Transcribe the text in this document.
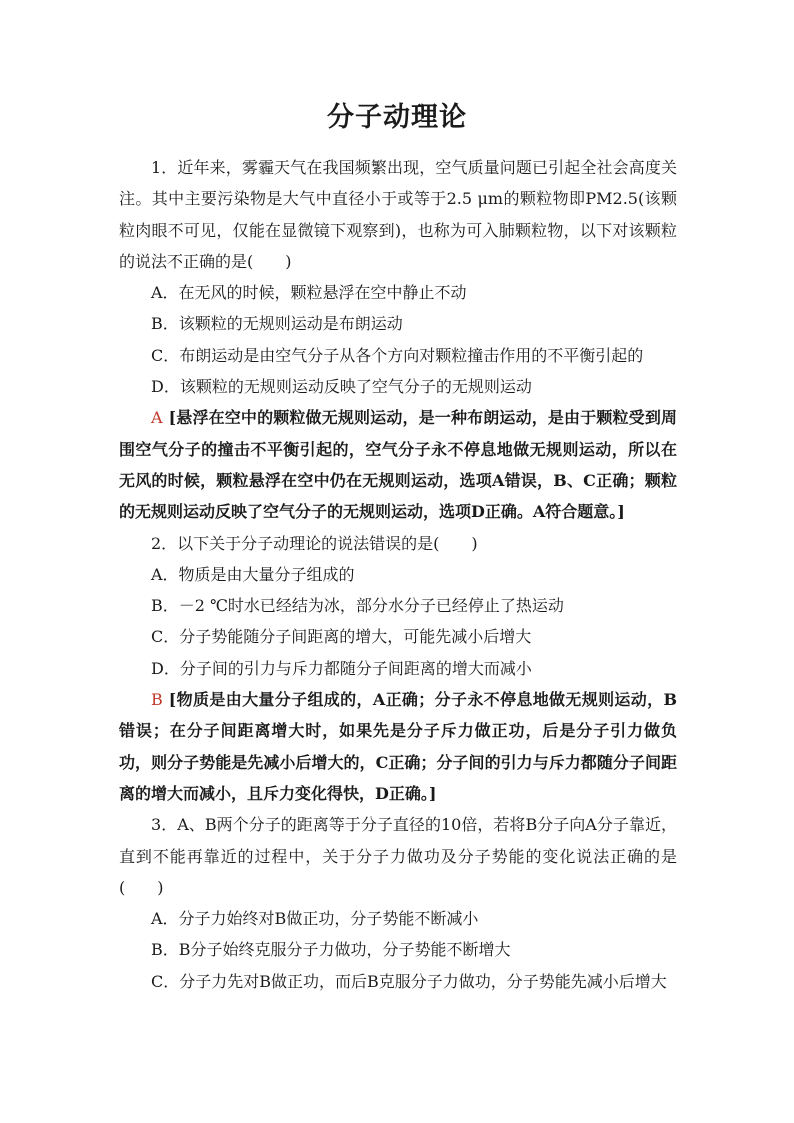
分子动理论

1．近年来，雾霾天气在我国频繁出现，空气质量问题已引起全社会高度关注。其中主要污染物是大气中直径小于或等于2.5 μm的颗粒物即PM2.5(该颗粒肉眼不可见，仅能在显微镜下观察到)，也称为可入肺颗粒物，以下对该颗粒的说法不正确的是(　　)

A．在无风的时候，颗粒悬浮在空中静止不动

B．该颗粒的无规则运动是布朗运动

C．布朗运动是由空气分子从各个方向对颗粒撞击作用的不平衡引起的

D．该颗粒的无规则运动反映了空气分子的无规则运动

A [悬浮在空中的颗粒做无规则运动，是一种布朗运动，是由于颗粒受到周围空气分子的撞击不平衡引起的，空气分子永不停息地做无规则运动，所以在无风的时候，颗粒悬浮在空中仍在无规则运动，选项A错误，B、C正确；颗粒的无规则运动反映了空气分子的无规则运动，选项D正确。A符合题意。]

2．以下关于分子动理论的说法错误的是(　　)

A．物质是由大量分子组成的

B．－2 ℃时水已经结为冰，部分水分子已经停止了热运动

C．分子势能随分子间距离的增大，可能先减小后增大

D．分子间的引力与斥力都随分子间距离的增大而减小

B [物质是由大量分子组成的，A正确；分子永不停息地做无规则运动，B错误；在分子间距离增大时，如果先是分子斥力做正功，后是分子引力做负功，则分子势能是先减小后增大的，C正确；分子间的引力与斥力都随分子间距离的增大而减小，且斥力变化得快，D正确。]

3．A、B两个分子的距离等于分子直径的10倍，若将B分子向A分子靠近，直到不能再靠近的过程中，关于分子力做功及分子势能的变化说法正确的是(　　)

A．分子力始终对B做正功，分子势能不断减小

B．B分子始终克服分子力做功，分子势能不断增大

C．分子力先对B做正功，而后B克服分子力做功，分子势能先减小后增大
